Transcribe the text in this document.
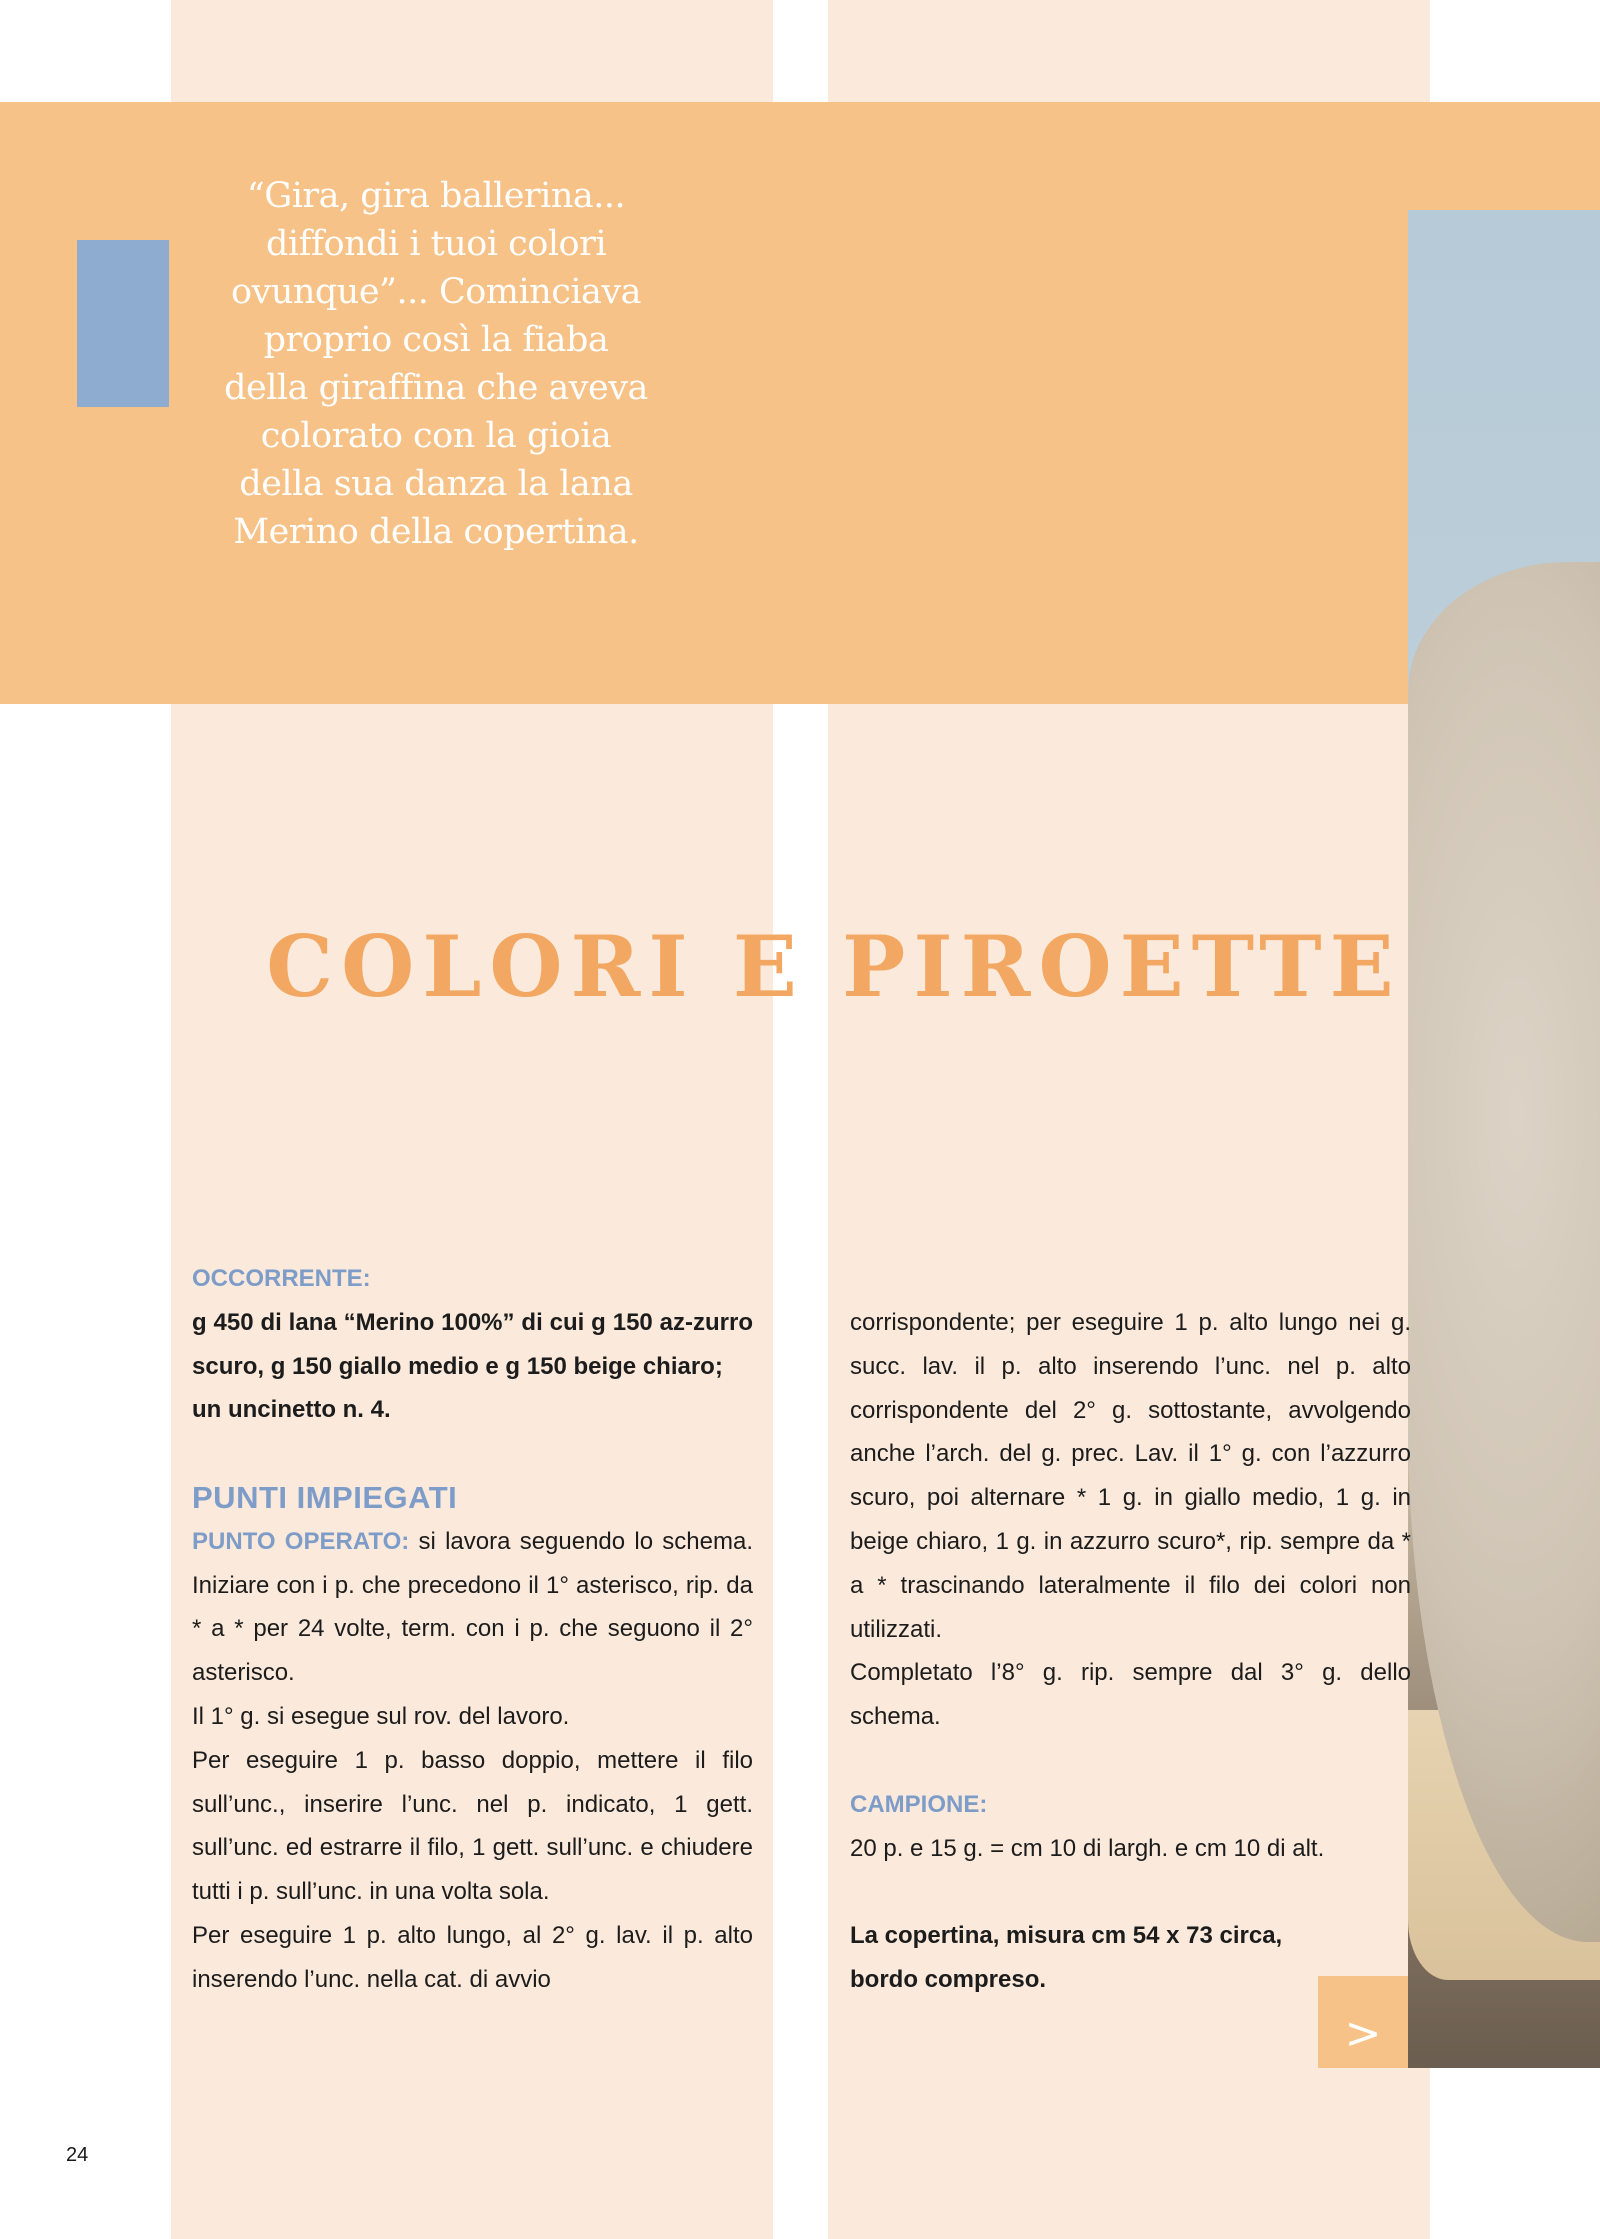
“Gira, gira ballerina...
diffondi i tuoi colori
ovunque”... Cominciava
proprio così la fiaba
della giraffina che aveva
colorato con la gioia
della sua danza la lana
Merino della copertina.
COLORI E PIROETTE
OCCORRENTE:

g 450 di lana “Merino 100%” di cui g 150 az-zurro scuro, g 150 giallo medio e g 150 beige chiaro;

un uncinetto n. 4.

PUNTI IMPIEGATI

PUNTO OPERATO: si lavora seguendo lo schema. Iniziare con i p. che precedono il 1° asterisco, rip. da * a * per 24 volte, term. con i p. che seguono il 2° asterisco.

Il 1° g. si esegue sul rov. del lavoro.

Per eseguire 1 p. basso doppio, mettere il filo sull’unc., inserire l’unc. nel p. indicato, 1 gett. sull’unc. ed estrarre il filo, 1 gett. sull’unc. e chiudere tutti i p. sull’unc. in una volta sola.

Per eseguire 1 p. alto lungo, al 2° g. lav. il p. alto inserendo l’unc. nella cat. di avvio

corrispondente; per eseguire 1 p. alto lungo nei g. succ. lav. il p. alto inserendo l’unc. nel p. alto corrispondente del 2° g. sottostante, avvolgendo anche l’arch. del g. prec. Lav. il 1° g. con l’azzurro scuro, poi alternare * 1 g. in giallo medio, 1 g. in beige chiaro, 1 g. in azzurro scuro*, rip. sempre da * a * trascinando lateralmente il filo dei colori non utilizzati.

Completato l’8° g. rip. sempre dal 3° g. dello schema.

CAMPIONE:

20 p. e 15 g. = cm 10 di largh. e cm 10 di alt.

La copertina, misura cm 54 x 73 circa,
bordo compreso.
>
24
